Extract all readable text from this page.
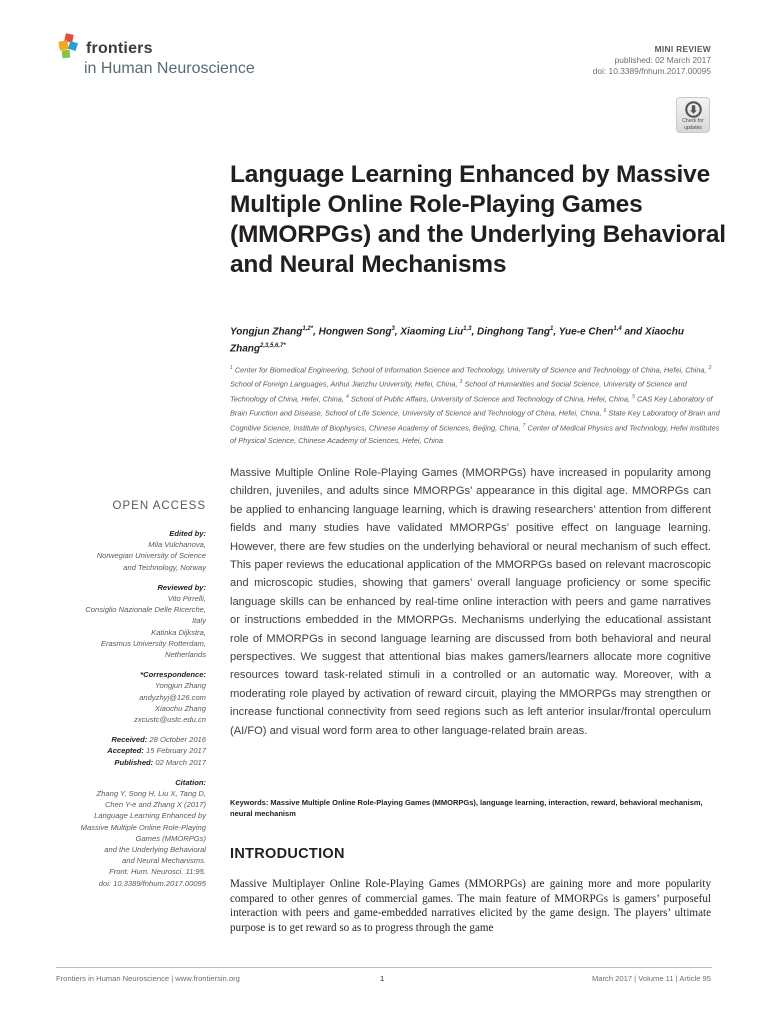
frontiers
in Human Neuroscience
MINI REVIEW
published: 02 March 2017
doi: 10.3389/fnhum.2017.00095
Check for
updates
Language Learning Enhanced by Massive Multiple Online Role-Playing Games (MMORPGs) and the Underlying Behavioral and Neural Mechanisms
Yongjun Zhang$^{1,2*}$, Hongwen Song$^3$, Xiaoming Liu$^{1,3}$, Dinghong Tang$^1$, Yue-e Chen$^{1,4}$ and Xiaochu Zhang$^{2,3,5,6,7*}$
$^1$ Center for Biomedical Engineering, School of Information Science and Technology, University of Science and Technology of China, Hefei, China, $^2$ School of Foreign Languages, Anhui Jianzhu University, Hefei, China, $^3$ School of Humanities and Social Science, University of Science and Technology of China, Hefei, China, $^4$ School of Public Affairs, University of Science and Technology of China, Hefei, China, $^5$ CAS Key Laboratory of Brain Function and Disease, School of Life Science, University of Science and Technology of China, Hefei, China, $^6$ State Key Laboratory of Brain and Cognitive Science, Institute of Biophysics, Chinese Academy of Sciences, Beijing, China, $^7$ Center of Medical Physics and Technology, Hefei Institutes of Physical Science, Chinese Academy of Sciences, Hefei, China
Massive Multiple Online Role-Playing Games (MMORPGs) have increased in popularity among children, juveniles, and adults since MMORPGs’ appearance in this digital age. MMORPGs can be applied to enhancing language learning, which is drawing researchers’ attention from different fields and many studies have validated MMORPGs’ positive effect on language learning. However, there are few studies on the underlying behavioral or neural mechanism of such effect. This paper reviews the educational application of the MMORPGs based on relevant macroscopic and microscopic studies, showing that gamers’ overall language proficiency or some specific language skills can be enhanced by real-time online interaction with peers and game narratives or instructions embedded in the MMORPGs. Mechanisms underlying the educational assistant role of MMORPGs in second language learning are discussed from both behavioral and neural perspectives. We suggest that attentional bias makes gamers/learners allocate more cognitive resources toward task-related stimuli in a controlled or an automatic way. Moreover, with a moderating role played by activation of reward circuit, playing the MMORPGs may strengthen or increase functional connectivity from seed regions such as left anterior insular/frontal operculum (AI/FO) and visual word form area to other language-related brain areas.
Keywords: Massive Multiple Online Role-Playing Games (MMORPGs), language learning, interaction, reward, behavioral mechanism, neural mechanism
INTRODUCTION
Massive Multiplayer Online Role-Playing Games (MMORPGs) are gaining more and more popularity compared to other genres of commercial games. The main feature of MMORPGs is gamers’ purposeful interaction with peers and game-embedded narratives elicited by the game design. The players’ ultimate purpose is to get reward so as to progress through the game
OPEN ACCESS
Edited by:
Mila Vulchanova,
Norwegian University of Science
and Technology, Norway
Reviewed by:
Vito Pirrelli,
Consiglio Nazionale Delle Ricerche,
Italy
Katinka Dijkstra,
Erasmus University Rotterdam,
Netherlands
*Correspondence:
Yongjun Zhang
andyzhyj@126.com
Xiaochu Zhang
zxcustc@ustc.edu.cn
Received: 28 October 2016
Accepted: 15 February 2017
Published: 02 March 2017
Citation:
Zhang Y, Song H, Liu X, Tang D,
Chen Y-e and Zhang X (2017)
Language Learning Enhanced by
Massive Multiple Online Role-Playing
Games (MMORPGs)
and the Underlying Behavioral
and Neural Mechanisms.
Front. Hum. Neurosci. 11:95.
doi: 10.3389/fnhum.2017.00095
Frontiers in Human Neuroscience | www.frontiersin.org	1	March 2017 | Volume 11 | Article 95
